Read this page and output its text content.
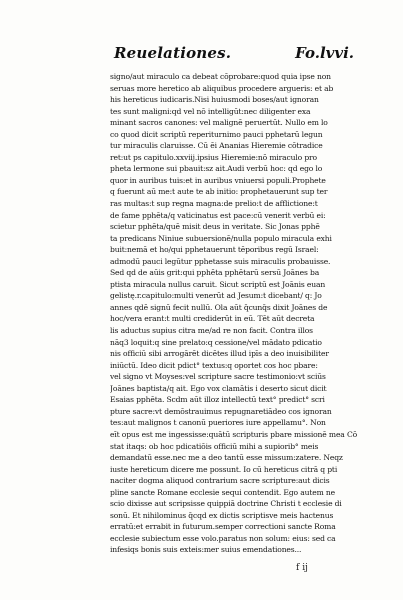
Reuelationes.	Fo.lvvi.
signo/aut miraculo ca debeat cōprobare:quod quia ipse non
seruas more heretico ab aliquibus procedere argueris: et ab
his hereticus iudicaris.Nisi huiusmodi boses/aut ignoran
tes sunt maligni:qd vel nō intelligūt:nec diligenter exa
minant sacros canones: vel malignē peruertūt. Nullo em lo
co quod dicit scriptū reperiturnimo pauci pphetarū legun
tur miraculis claruisse. Cū ēi Ananias Hieremie cōtradice
ret:ut ps capitulo.xxviij.ipsius Hieremie:nō miraculo pro
pheta lermone sui pbauit:sz ait.Audi verbū hoc: qd ego lo
quor in auribus tuis:et in auribus vniuersi populi.Prophete
q fuerunt aū me:t aute te ab initio: prophetauerunt sup ter
ras multas:t sup regna magna:de prelio:t de afflictione:t
de fame pphēta/q vaticinatus est pace:cū venerit verbū ei:
scietur pphēta/quē misit deus in veritate. Sic Jonas pphē
ta predicans Niniue subuersionē/nulla populo miracula exhi
buit:nemā et ho/qui pphetauerunt tēporibus regū Israel:
admodū pauci legūtur pphetasse suis miraculis probauisse.
Sed qd de aūis grit:qui pphēta pphētarū sersū Joānes ba
ptista miracula nullus caruit. Sicut scriptū est Joānis euan
gelistę.r.capitulo:multi venerūt ad Jesum:t dicebant/ q: Jo
annes qdē signū fecit nullū. Ola aūt q̄cunq̄s dixit Joānes de
hoc/vera erant:t multi crediderūt in eū. Tēt aūt decreta
lis aductus supius citra me/ad re non facit. Contra illos
nāq3 loquit:q sine prelato:q cessione/vel mādato pdicatio
nis officiū sibi arrogārēt dicētes illud ipīs a deo inuisibiliter
iniūctū. Ideo dicit pdict° textus:q oportet cos hoc pbare:
vel signo vt Moyses:vel scripture sacre testimonio:vt sciūs
Joānes baptista/q ait. Ego vox clamātis i deserto sicut dicit
Esaias pphēta. Scdm aūt illoz intellectū text° predict° scri
pture sacre:vt demōstrauimus repugnaretiādeo cos ignoran
tes:aut malignos t canonū pueriores iure appellamu°. Non
eīt opus est me ingessisse:quātū scripturis pbare missionē mea Cō
stat itaqs: ob hoc pdicatiōis officiū mihi a supiorib° meis
demandatū esse.nec me a deo tantū esse missum:zatere. Neqz
iuste hereticum dicere me possunt. Io cū hereticus citrā q pti
naciter dogma aliquod contrarium sacre scripture:aut dicis
pline sancte Romane ecclesie sequi contendit. Ego autem ne
scio dixisse aut scripsisse quippiā doctrine Christi t ecclesie di
sonū. Et nihilominus q̄cqd ex dictis scriptisve meis hactenus
erratū:et errabit in futurum.semper correctioni sancte Roma
ecclesie subiectum esse volo.paratus non solum: eius: sed ca
infesiqs bonis suis exteis:mer suius emendationes...
f ij
